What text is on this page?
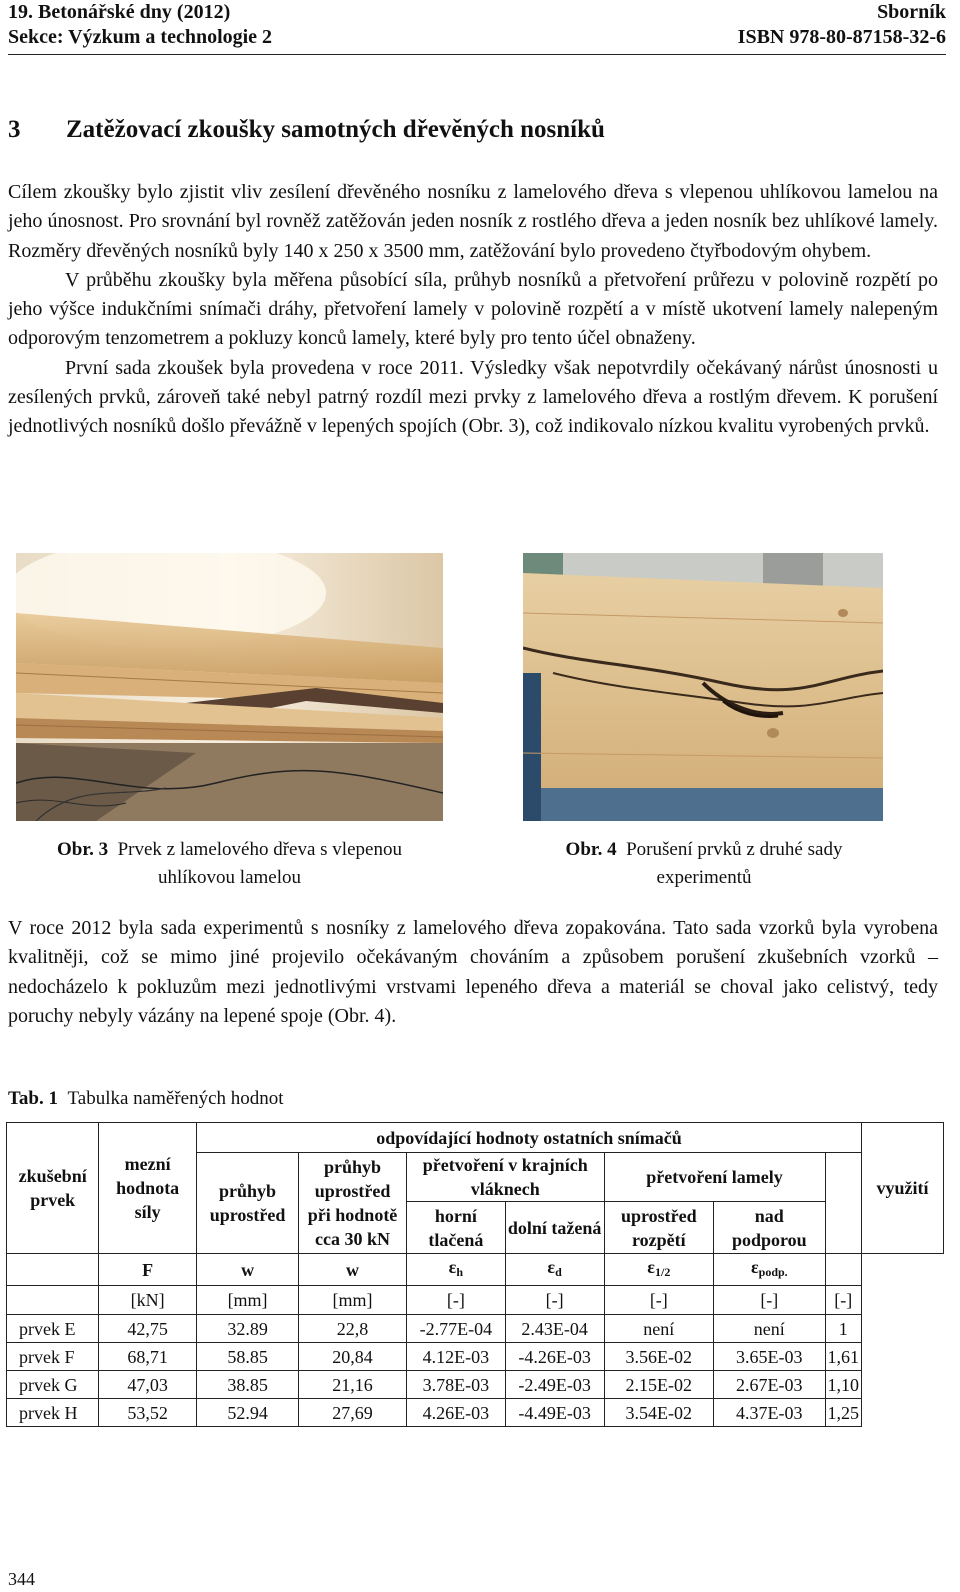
19. Betonářské dny (2012)
Sekce: Výzkum a technologie 2
Sborník
ISBN 978-80-87158-32-6
3 Zatěžovací zkoušky samotných dřevěných nosníků

Cílem zkoušky bylo zjistit vliv zesílení dřevěného nosníku z lamelového dřeva s vlepenou uhlíkovou lamelou na jeho únosnost. Pro srovnání byl rovněž zatěžován jeden nosník z rostlého dřeva a jeden nosník bez uhlíkové lamely. Rozměry dřevěných nosníků byly 140 x 250 x 3500 mm, zatěžování bylo provedeno čtyřbodovým ohybem.

V průběhu zkoušky byla měřena působící síla, průhyb nosníků a přetvoření průřezu v polovině rozpětí po jeho výšce indukčními snímači dráhy, přetvoření lamely v polovině rozpětí a v místě ukotvení lamely nalepeným odporovým tenzometrem a pokluzy konců lamely, které byly pro tento účel obnaženy.

První sada zkoušek byla provedena v roce 2011. Výsledky však nepotvrdily očekávaný nárůst únosnosti u zesílených prvků, zároveň také nebyl patrný rozdíl mezi prvky z lamelového dřeva a rostlým dřevem. K porušení jednotlivých nosníků došlo převážně v lepených spojích (Obr. 3), což indikovalo nízkou kvalitu vyrobených prvků.

Obr. 3 Prvek z lamelového dřeva s vlepenou
uhlíkovou lamelou
Obr. 4 Porušení prvků z druhé sady
experimentů

V roce 2012 byla sada experimentů s nosníky z lamelového dřeva zopakována. Tato sada vzorků byla vyrobena kvalitněji, což se mimo jiné projevilo očekávaným chováním a způsobem porušení zkušebních vzorků – nedocházelo k pokluzům mezi jednotlivými vrstvami lepeného dřeva a materiál se choval jako celistvý, tedy poruchy nebyly vázány na lepené spoje (Obr. 4).

Tab. 1 Tabulka naměřených hodnot
zkušební prvek	mezní hodnota síly	odpovídající hodnoty ostatních snímačů							využití
		průhyb uprostřed	průhyb uprostřed při hodnotě cca 30 kN	přetvoření v krajních vláknech		přetvoření lamely			
				horní tlačená	dolní tažená	uprostřed rozpětí	nad podporou		
	F	w	w	$\varepsilon_h$	$\varepsilon_d$	$\varepsilon_{1/2}$	$\varepsilon_{podp.}$	
	[kN]	[mm]	[mm]	[-]	[-]	[-]	[-]	[-]	
prvek E	42,75	32.89	22,8	-2.77E-04	2.43E-04	není	není	1	
prvek F	68,71	58.85	20,84	4.12E-03	-4.26E-03	3.56E-02	3.65E-03	1,61	
prvek G	47,03	38.85	21,16	3.78E-03	-2.49E-03	2.15E-02	2.67E-03	1,10	
prvek H	53,52	52.94	27,69	4.26E-03	-4.49E-03	3.54E-02	4.37E-03	1,25	
344
